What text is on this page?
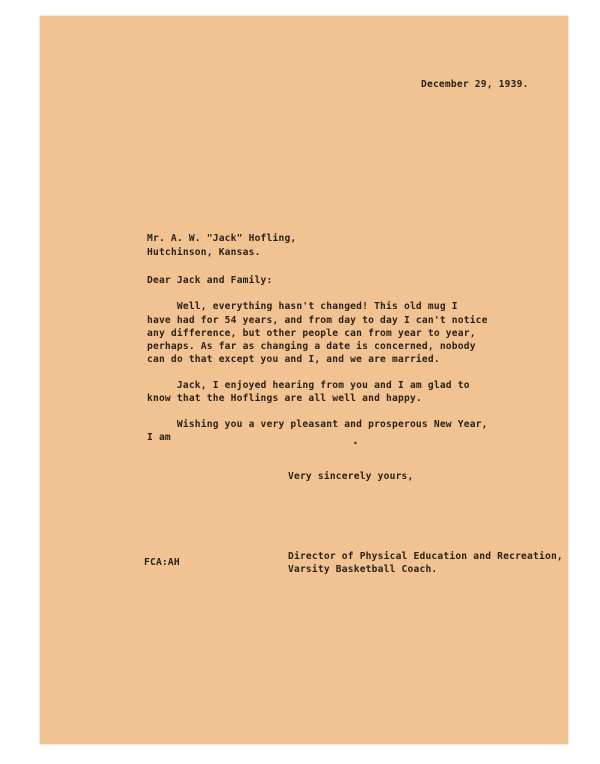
December 29, 1939.
Mr. A. W. "Jack" Hofling,
Hutchinson, Kansas.
Dear Jack and Family:
Well, everything hasn't changed! This old mug I
have had for 54 years, and from day to day I can't notice
any difference, but other people can from year to year,
perhaps. As far as changing a date is concerned, nobody
can do that except you and I, and we are married.
Jack, I enjoyed hearing from you and I am glad to
know that the Hoflings are all well and happy.
Wishing you a very pleasant and prosperous New Year,
I am
•
Very sincerely yours,
FCA:AH
Director of Physical Education and Recreation,
Varsity Basketball Coach.
